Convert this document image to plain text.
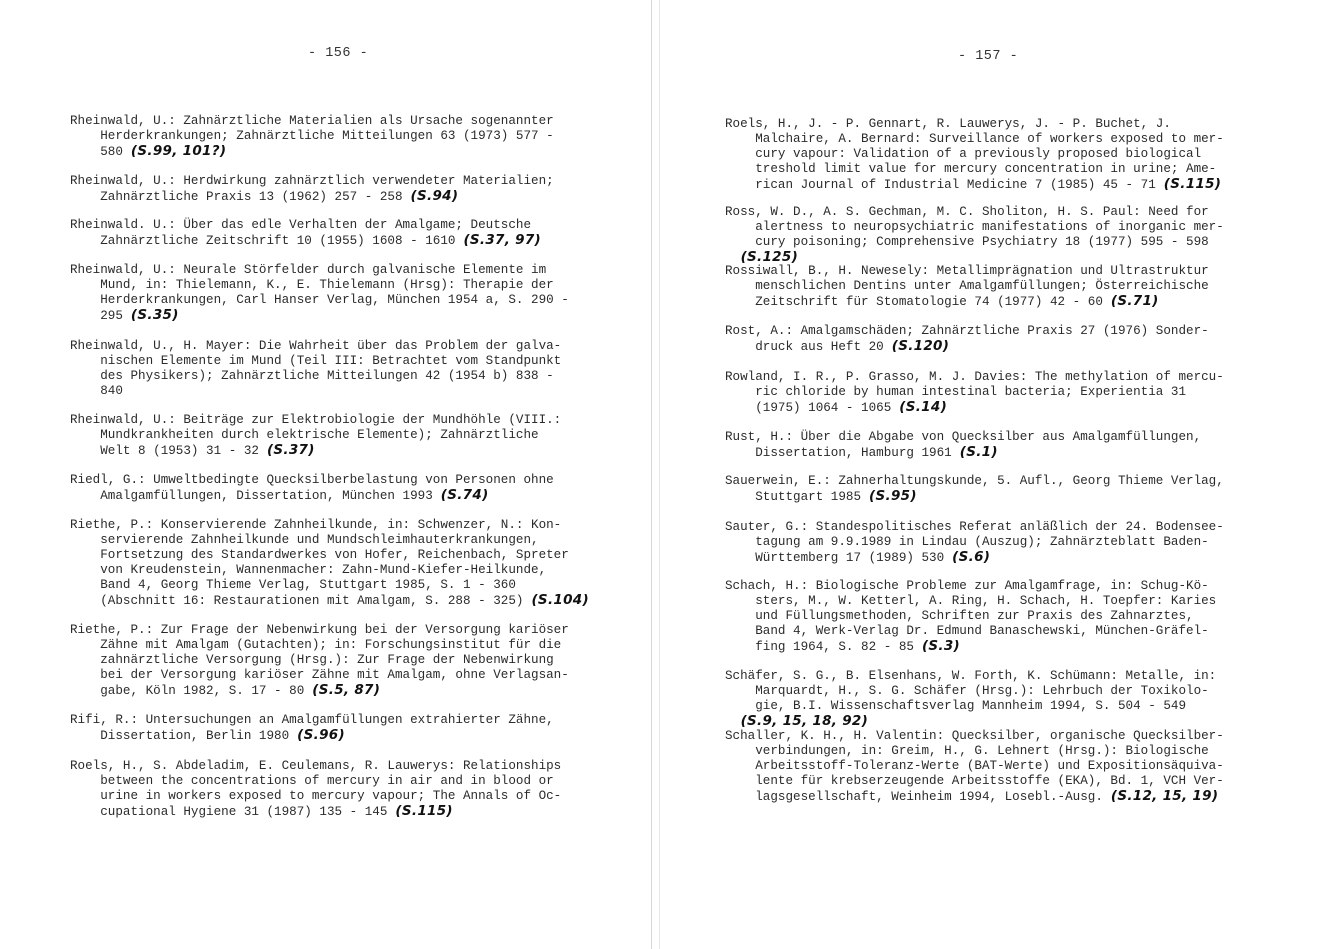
- 156 -
Rheinwald, U.: Zahnärztliche Materialien als Ursache sogenannter
Herderkrankungen; Zahnärztliche Mitteilungen 63 (1973) 577 -
580 (S.99, 101?)
Rheinwald, U.: Herdwirkung zahnärztlich verwendeter Materialien;
Zahnärztliche Praxis 13 (1962) 257 - 258 (S.94)
Rheinwald. U.: Über das edle Verhalten der Amalgame; Deutsche
Zahnärztliche Zeitschrift 10 (1955) 1608 - 1610 (S.37, 97)
Rheinwald, U.: Neurale Störfelder durch galvanische Elemente im
Mund, in: Thielemann, K., E. Thielemann (Hrsg): Therapie der
Herderkrankungen, Carl Hanser Verlag, München 1954 a, S. 290 -
295 (S.35)
Rheinwald, U., H. Mayer: Die Wahrheit über das Problem der galva-
nischen Elemente im Mund (Teil III: Betrachtet vom Standpunkt
des Physikers); Zahnärztliche Mitteilungen 42 (1954 b) 838 -
840
Rheinwald, U.: Beiträge zur Elektrobiologie der Mundhöhle (VIII.:
Mundkrankheiten durch elektrische Elemente); Zahnärztliche
Welt 8 (1953) 31 - 32 (S.37)
Riedl, G.: Umweltbedingte Quecksilberbelastung von Personen ohne
Amalgamfüllungen, Dissertation, München 1993 (S.74)
Riethe, P.: Konservierende Zahnheilkunde, in: Schwenzer, N.: Kon-
servierende Zahnheilkunde und Mundschleimhauterkrankungen,
Fortsetzung des Standardwerkes von Hofer, Reichenbach, Spreter
von Kreudenstein, Wannenmacher: Zahn-Mund-Kiefer-Heilkunde,
Band 4, Georg Thieme Verlag, Stuttgart 1985, S. 1 - 360
(Abschnitt 16: Restaurationen mit Amalgam, S. 288 - 325) (S.104)
Riethe, P.: Zur Frage der Nebenwirkung bei der Versorgung kariöser
Zähne mit Amalgam (Gutachten); in: Forschungsinstitut für die
zahnärztliche Versorgung (Hrsg.): Zur Frage der Nebenwirkung
bei der Versorgung kariöser Zähne mit Amalgam, ohne Verlagsan-
gabe, Köln 1982, S. 17 - 80 (S.5, 87)
Rifi, R.: Untersuchungen an Amalgamfüllungen extrahierter Zähne,
Dissertation, Berlin 1980 (S.96)
Roels, H., S. Abdeladim, E. Ceulemans, R. Lauwerys: Relationships
between the concentrations of mercury in air and in blood or
urine in workers exposed to mercury vapour; The Annals of Oc-
cupational Hygiene 31 (1987) 135 - 145 (S.115)
- 157 -
Roels, H., J. - P. Gennart, R. Lauwerys, J. - P. Buchet, J.
Malchaire, A. Bernard: Surveillance of workers exposed to mer-
cury vapour: Validation of a previously proposed biological
treshold limit value for mercury concentration in urine; Ame-
rican Journal of Industrial Medicine 7 (1985) 45 - 71 (S.115)
Ross, W. D., A. S. Gechman, M. C. Sholiton, H. S. Paul: Need for
alertness to neuropsychiatric manifestations of inorganic mer-
cury poisoning; Comprehensive Psychiatry 18 (1977) 595 - 598
(S.125)
Rossiwall, B., H. Newesely: Metallimprägnation und Ultrastruktur
menschlichen Dentins unter Amalgamfüllungen; Österreichische
Zeitschrift für Stomatologie 74 (1977) 42 - 60 (S.71)
Rost, A.: Amalgamschäden; Zahnärztliche Praxis 27 (1976) Sonder-
druck aus Heft 20 (S.120)
Rowland, I. R., P. Grasso, M. J. Davies: The methylation of mercu-
ric chloride by human intestinal bacteria; Experientia 31
(1975) 1064 - 1065 (S.14)
Rust, H.: Über die Abgabe von Quecksilber aus Amalgamfüllungen,
Dissertation, Hamburg 1961 (S.1)
Sauerwein, E.: Zahnerhaltungskunde, 5. Aufl., Georg Thieme Verlag,
Stuttgart 1985 (S.95)
Sauter, G.: Standespolitisches Referat anläßlich der 24. Bodensee-
tagung am 9.9.1989 in Lindau (Auszug); Zahnärzteblatt Baden-
Württemberg 17 (1989) 530 (S.6)
Schach, H.: Biologische Probleme zur Amalgamfrage, in: Schug-Kö-
sters, M., W. Ketterl, A. Ring, H. Schach, H. Toepfer: Karies
und Füllungsmethoden, Schriften zur Praxis des Zahnarztes,
Band 4, Werk-Verlag Dr. Edmund Banaschewski, München-Gräfel-
fing 1964, S. 82 - 85 (S.3)
Schäfer, S. G., B. Elsenhans, W. Forth, K. Schümann: Metalle, in:
Marquardt, H., S. G. Schäfer (Hrsg.): Lehrbuch der Toxikolo-
gie, B.I. Wissenschaftsverlag Mannheim 1994, S. 504 - 549
(S.9, 15, 18, 92)
Schaller, K. H., H. Valentin: Quecksilber, organische Quecksilber-
verbindungen, in: Greim, H., G. Lehnert (Hrsg.): Biologische
Arbeitsstoff-Toleranz-Werte (BAT-Werte) und Expositionsäquiva-
lente für krebserzeugende Arbeitsstoffe (EKA), Bd. 1, VCH Ver-
lagsgesellschaft, Weinheim 1994, Losebl.-Ausg. (S.12, 15, 19)
